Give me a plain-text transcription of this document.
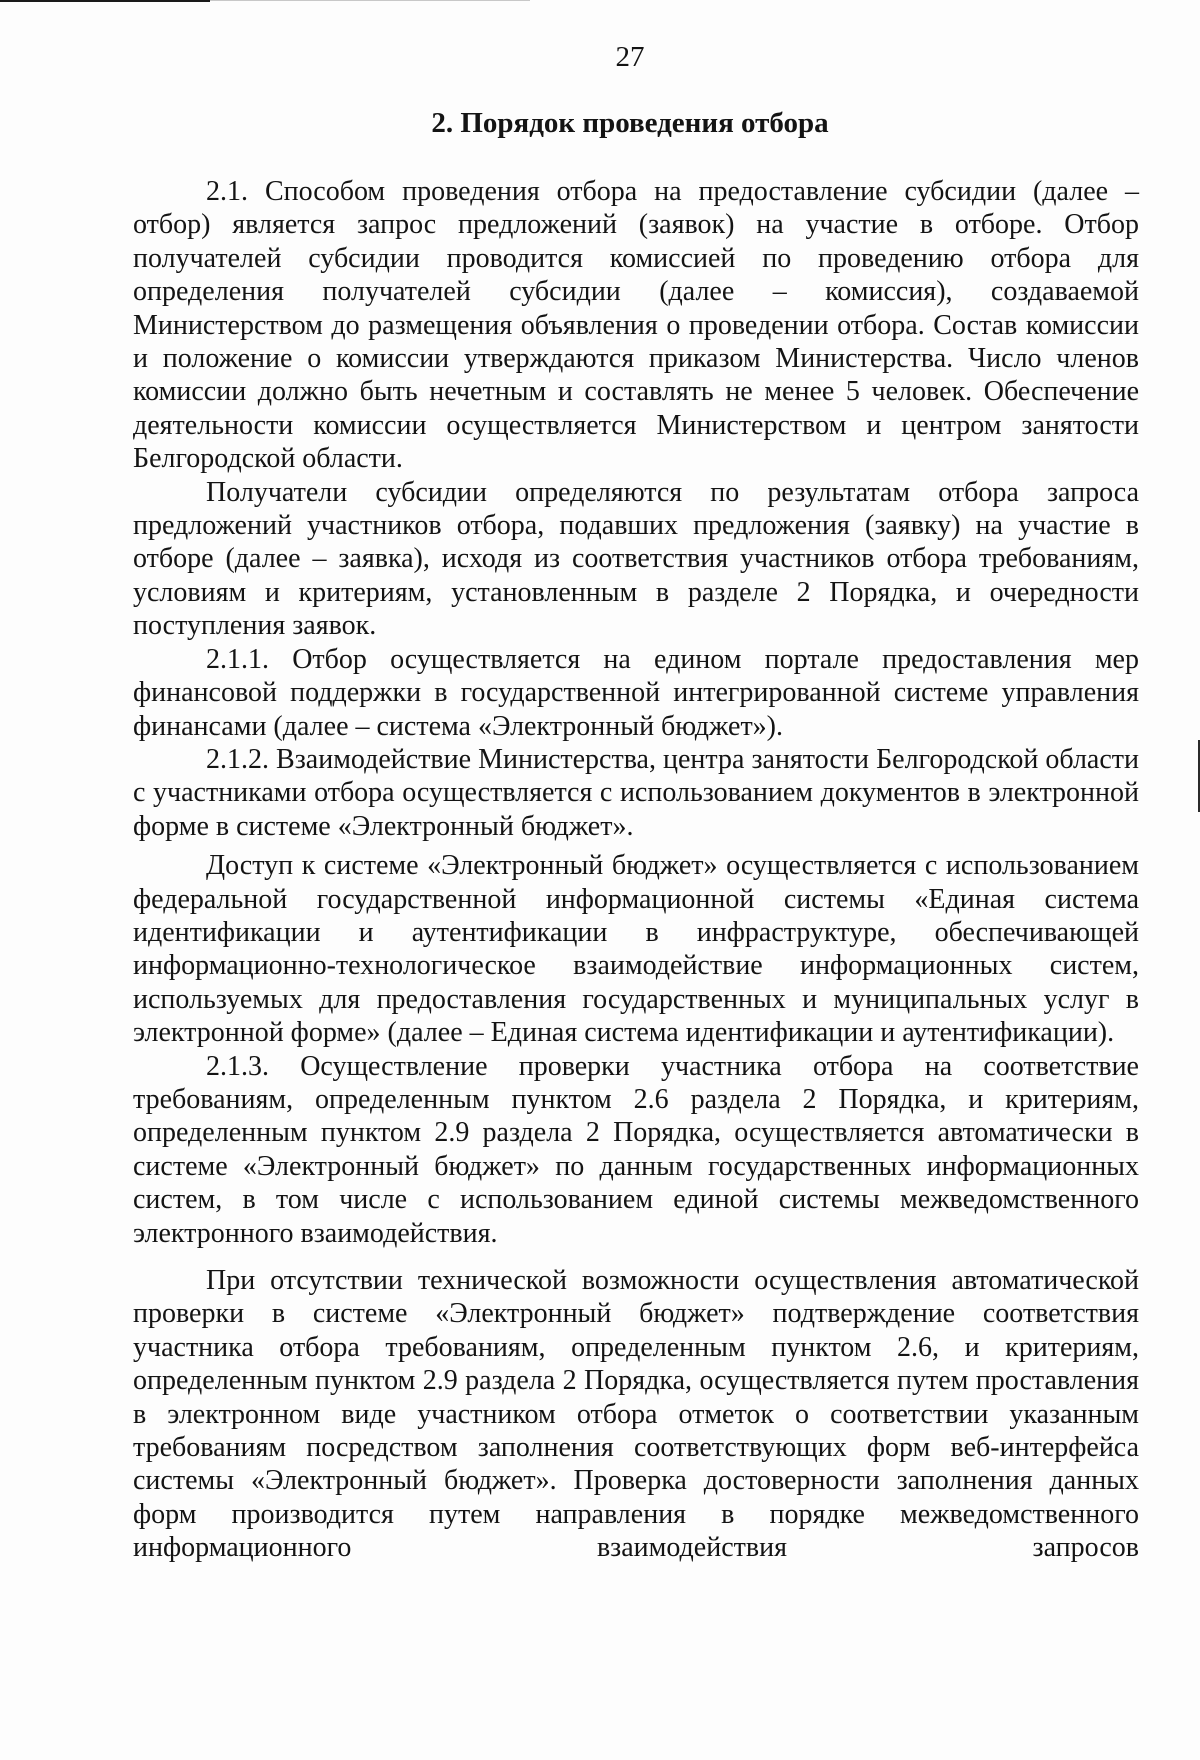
27
2. Порядок проведения отбора

2.1. Способом проведения отбора на предоставление субсидии (далее – отбор) является запрос предложений (заявок) на участие в отборе. Отбор получателей субсидии проводится комиссией по проведению отбора для определения получателей субсидии (далее – комиссия), создаваемой Министерством до размещения объявления о проведении отбора. Состав комиссии и положение о комиссии утверждаются приказом Министерства. Число членов комиссии должно быть нечетным и составлять не менее 5 человек. Обеспечение деятельности комиссии осуществляется Министерством и центром занятости Белгородской области.

Получатели субсидии определяются по результатам отбора запроса предложений участников отбора, подавших предложения (заявку) на участие в отборе (далее – заявка), исходя из соответствия участников отбора требованиям, условиям и критериям, установленным в разделе 2 Порядка, и очередности поступления заявок.

2.1.1. Отбор осуществляется на едином портале предоставления мер финансовой поддержки в государственной интегрированной системе управления финансами (далее – система «Электронный бюджет»).

2.1.2. Взаимодействие Министерства, центра занятости Белгородской области с участниками отбора осуществляется с использованием документов в электронной форме в системе «Электронный бюджет».

Доступ к системе «Электронный бюджет» осуществляется с использованием федеральной государственной информационной системы «Единая система идентификации и аутентификации в инфраструктуре, обеспечивающей информационно-технологическое взаимодействие информационных систем, используемых для предоставления государственных и муниципальных услуг в электронной форме» (далее – Единая система идентификации и аутентификации).

2.1.3. Осуществление проверки участника отбора на соответствие требованиям, определенным пунктом 2.6 раздела 2 Порядка, и критериям, определенным пунктом 2.9 раздела 2 Порядка, осуществляется автоматически в системе «Электронный бюджет» по данным государственных информационных систем, в том числе с использованием единой системы межведомственного электронного взаимодействия.

При отсутствии технической возможности осуществления автоматической проверки в системе «Электронный бюджет» подтверждение соответствия участника отбора требованиям, определенным пунктом 2.6, и критериям, определенным пунктом 2.9 раздела 2 Порядка, осуществляется путем проставления в электронном виде участником отбора отметок о соответствии указанным требованиям посредством заполнения соответствующих форм веб-интерфейса системы «Электронный бюджет». Проверка достоверности заполнения данных форм производится путем направления в порядке межведомственного информационного взаимодействия запросов
